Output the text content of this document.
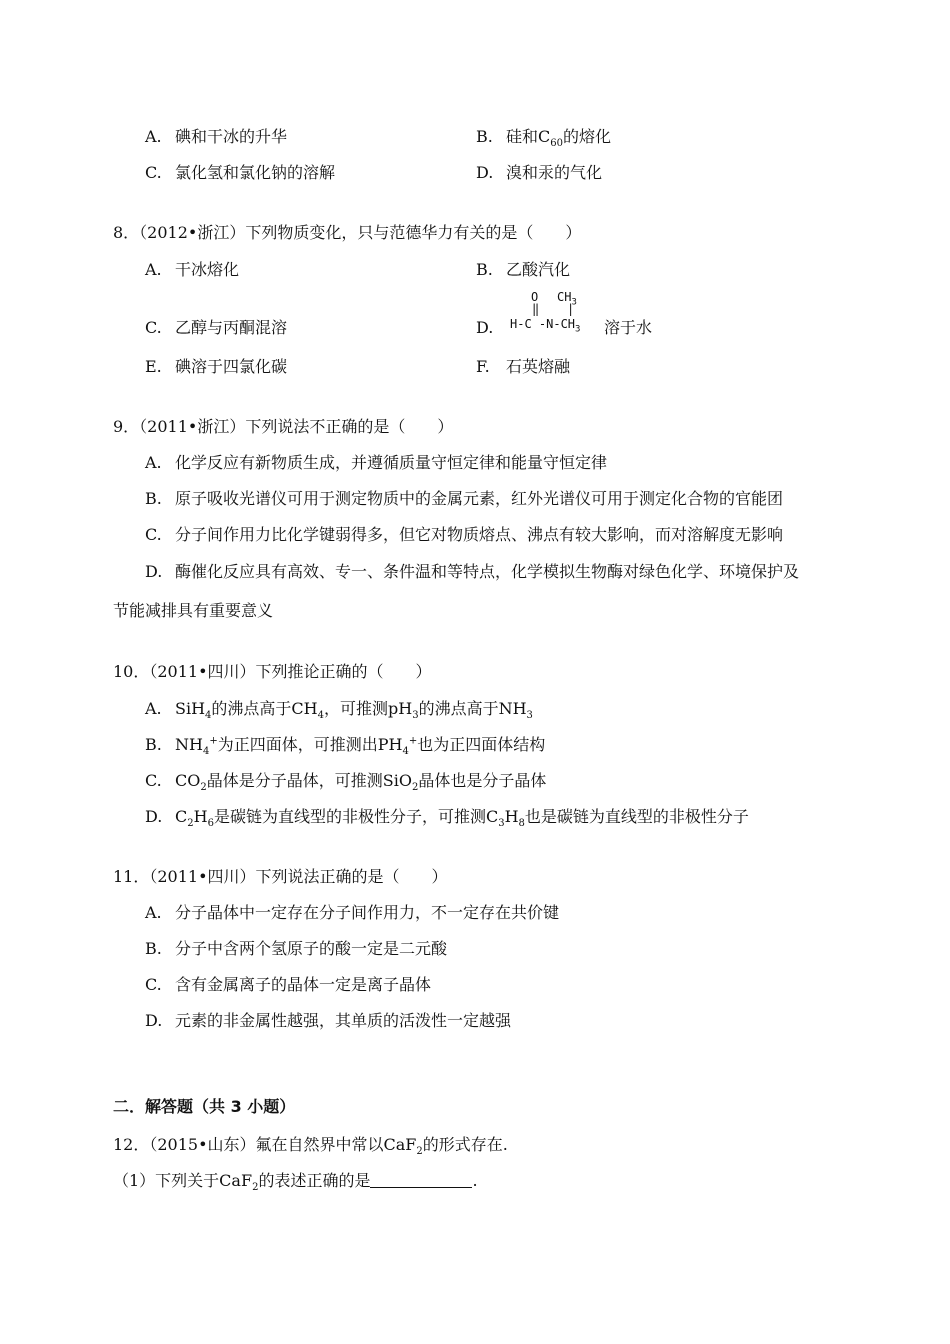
A. 碘和干冰的升华	B. 硅和$C_{60}$的熔化
C. 氯化氢和氯化钠的溶解	D. 溴和汞的气化
8．（2012•浙江）下列物质变化，只与范德华力有关的是（　　）
A. 干冰熔化	B. 乙酸汽化
C. 乙醇与丙酮混溶	D.
O $CH_3$
‖ |
H-C $-N-CH_3$ 溶于水
E. 碘溶于四氯化碳	F. 石英熔融
9．（2011•浙江）下列说法不正确的是（　　）
A. 化学反应有新物质生成，并遵循质量守恒定律和能量守恒定律
B. 原子吸收光谱仪可用于测定物质中的金属元素，红外光谱仪可用于测定化合物的官能团
C. 分子间作用力比化学键弱得多，但它对物质熔点、沸点有较大影响，而对溶解度无影响
D. 酶催化反应具有高效、专一、条件温和等特点，化学模拟生物酶对绿色化学、环境保护及
节能减排具有重要意义
10．（2011•四川）下列推论正确的（　　）
A. SiH$_4$的沸点高于$CH_4$，可推测$pH_3$的沸点高于$NH_3$
B. $NH_4^+$为正四面体，可推测出$PH_4^+$也为正四面体结构
C. $CO_2$晶体是分子晶体，可推测SiO$_2$晶体也是分子晶体
D. $C_2H_6$是碳链为直线型的非极性分子，可推测$C_3H_8$也是碳链为直线型的非极性分子
11．（2011•四川）下列说法正确的是（　　）
A. 分子晶体中一定存在分子间作用力，不一定存在共价键
B. 分子中含两个氢原子的酸一定是二元酸
C. 含有金属离子的晶体一定是离子晶体
D. 元素的非金属性越强，其单质的活泼性一定越强
二．解答题（共 3 小题）
12．（2015•山东）氟在自然界中常以CaF$_2$的形式存在.
（1）下列关于CaF$_2$的表述正确的是	.
